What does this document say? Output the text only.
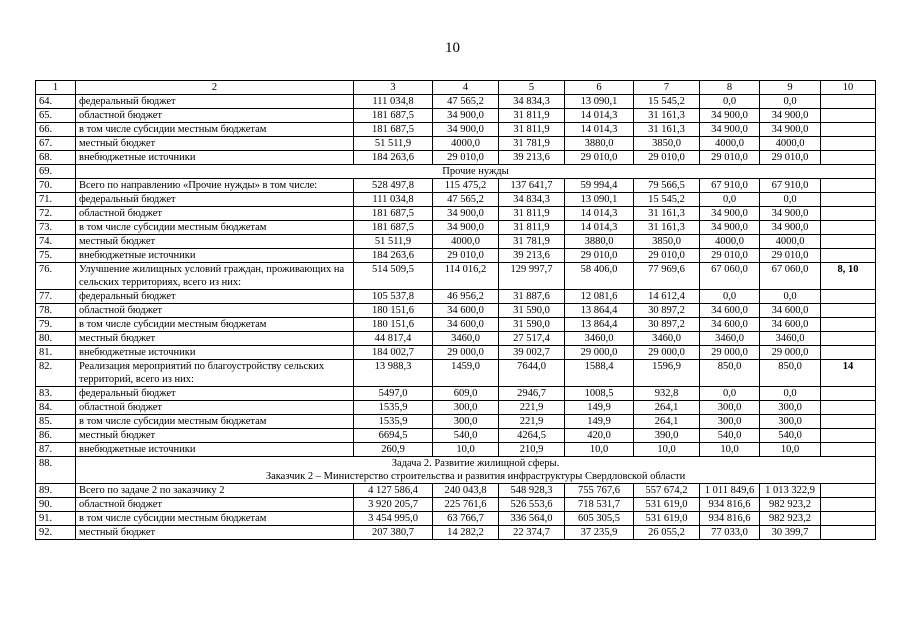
10
1	2	3	4	5	6	7	8	9	10
64.	федеральный бюджет	111 034,8	47 565,2	34 834,3	13 090,1	15 545,2	0,0	0,0	
65.	областной бюджет	181 687,5	34 900,0	31 811,9	14 014,3	31 161,3	34 900,0	34 900,0	
66.	в том числе субсидии местным бюджетам	181 687,5	34 900,0	31 811,9	14 014,3	31 161,3	34 900,0	34 900,0	
67.	местный бюджет	51 511,9	4000,0	31 781,9	3880,0	3850,0	4000,0	4000,0	
68.	внебюджетные источники	184 263,6	29 010,0	39 213,6	29 010,0	29 010,0	29 010,0	29 010,0	
69.	Прочие нужды								

70.	Всего по направлению «Прочие нужды» в том числе:	528 497,8	115 475,2	137 641,7	59 994,4	79 566,5	67 910,0	67 910,0	
71.	федеральный бюджет	111 034,8	47 565,2	34 834,3	13 090,1	15 545,2	0,0	0,0	
72.	областной бюджет	181 687,5	34 900,0	31 811,9	14 014,3	31 161,3	34 900,0	34 900,0	
73.	в том числе субсидии местным бюджетам	181 687,5	34 900,0	31 811,9	14 014,3	31 161,3	34 900,0	34 900,0	
74.	местный бюджет	51 511,9	4000,0	31 781,9	3880,0	3850,0	4000,0	4000,0	
75.	внебюджетные источники	184 263,6	29 010,0	39 213,6	29 010,0	29 010,0	29 010,0	29 010,0	
76.	Улучшение жилищных условий граждан, проживающих на сельских территориях, всего из них:	514 509,5	114 016,2	129 997,7	58 406,0	77 969,6	67 060,0	67 060,0	8, 10
77.	федеральный бюджет	105 537,8	46 956,2	31 887,6	12 081,6	14 612,4	0,0	0,0	
78.	областной бюджет	180 151,6	34 600,0	31 590,0	13 864,4	30 897,2	34 600,0	34 600,0	
79.	в том числе субсидии местным бюджетам	180 151,6	34 600,0	31 590,0	13 864,4	30 897,2	34 600,0	34 600,0	
80.	местный бюджет	44 817,4	3460,0	27 517,4	3460,0	3460,0	3460,0	3460,0	
81.	внебюджетные источники	184 002,7	29 000,0	39 002,7	29 000,0	29 000,0	29 000,0	29 000,0	
82.	Реализация мероприятий по благоустройству сельских территорий, всего из них:	13 988,3	1459,0	7644,0	1588,4	1596,9	850,0	850,0	14
83.	федеральный бюджет	5497,0	609,0	2946,7	1008,5	932,8	0,0	0,0	
84.	областной бюджет	1535,9	300,0	221,9	149,9	264,1	300,0	300,0	
85.	в том числе субсидии местным бюджетам	1535,9	300,0	221,9	149,9	264,1	300,0	300,0	
86.	местный бюджет	6694,5	540,0	4264,5	420,0	390,0	540,0	540,0	
87.	внебюджетные источники	260,9	10,0	210,9	10,0	10,0	10,0	10,0	
88.	Задача 2. Развитие жилищной сферы.
Заказчик 2 – Министерство строительства и развития инфраструктуры Свердловской области								

89.	Всего по задаче 2 по заказчику 2	4 127 586,4	240 043,8	548 928,3	755 767,6	557 674,2	1 011 849,6	1 013 322,9	
90.	областной бюджет	3 920 205,7	225 761,6	526 553,6	718 531,7	531 619,0	934 816,6	982 923,2	
91.	в том числе субсидии местным бюджетам	3 454 995,0	63 766,7	336 564,0	605 305,5	531 619,0	934 816,6	982 923,2	
92.	местный бюджет	207 380,7	14 282,2	22 374,7	37 235,9	26 055,2	77 033,0	30 399,7	
